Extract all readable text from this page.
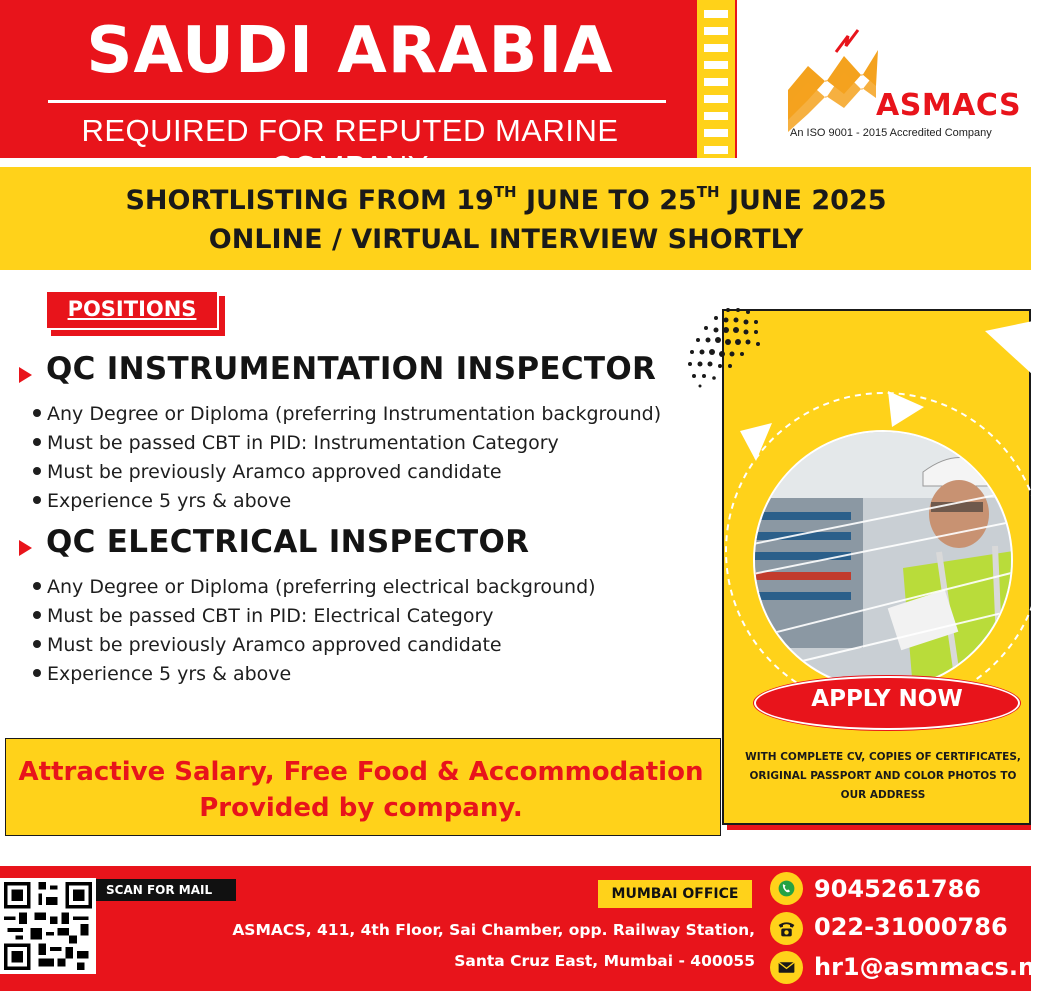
SAUDI ARABIA
REQUIRED FOR REPUTED MARINE
ASMACS
An ISO 9001 - 2015 Accredited Company
SHORTLISTING FROM 19TH JUNE TO 25TH JUNE 2025
ONLINE / VIRTUAL INTERVIEW SHORTLY
POSITIONS
QC INSTRUMENTATION INSPECTOR
Any Degree or Diploma (preferring Instrumentation background)
Must be passed CBT in PID: Instrumentation Category
Must be previously Aramco approved candidate
Experience 5 yrs & above
QC ELECTRICAL INSPECTOR
Any Degree or Diploma (preferring electrical background)
Must be passed CBT in PID: Electrical Category
Must be previously Aramco approved candidate
Experience 5 yrs & above
Attractive Salary, Free Food & Accommodation
Provided by company.
APPLY NOW
WITH COMPLETE CV, COPIES OF CERTIFICATES,
ORIGINAL PASSPORT AND COLOR PHOTOS TO
OUR ADDRESS
SCAN FOR MAIL	MUMBAI OFFICE
ASMACS, 411, 4th Floor, Sai Chamber, opp. Railway Station,
Santa Cruz East, Mumbai - 400055
9045261786
022-31000786
hr1@asmmacs.net
